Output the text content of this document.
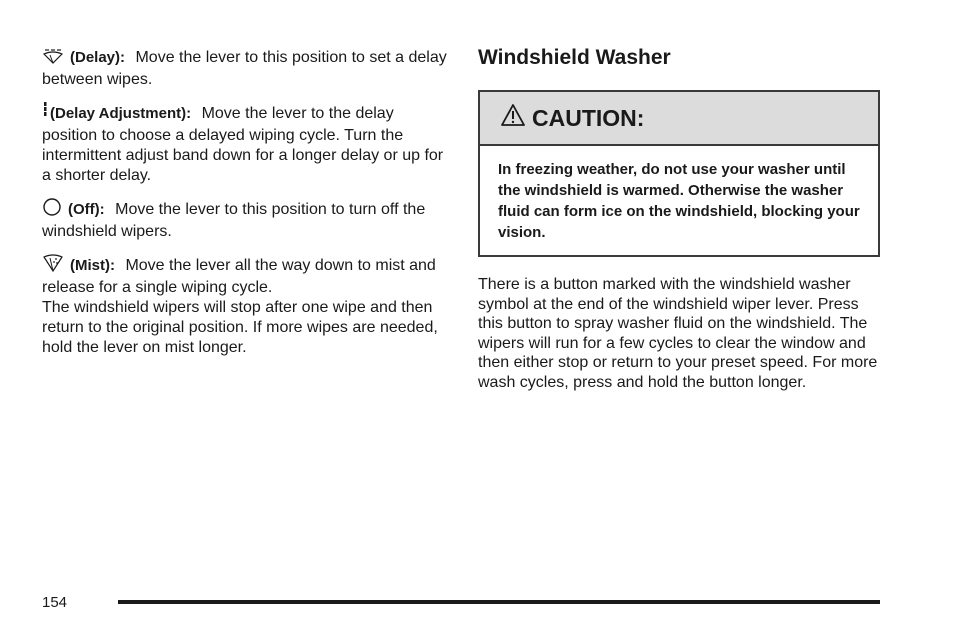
(Delay): Move the lever to this position to set a delay between wipes.

(Delay Adjustment): Move the lever to the delay position to choose a delayed wiping cycle. Turn the intermittent adjust band down for a longer delay or up for a shorter delay.

(Off): Move the lever to this position to turn off the windshield wipers.

(Mist): Move the lever all the way down to mist and release for a single wiping cycle.

The windshield wipers will stop after one wipe and then return to the original position. If more wipes are needed, hold the lever on mist longer.

Windshield Washer
CAUTION:
In freezing weather, do not use your washer until the windshield is warmed. Otherwise the washer fluid can form ice on the windshield, blocking your vision.

There is a button marked with the windshield washer symbol at the end of the windshield wiper lever. Press this button to spray washer fluid on the windshield. The wipers will run for a few cycles to clear the window and then either stop or return to your preset speed. For more wash cycles, press and hold the button longer.

154
